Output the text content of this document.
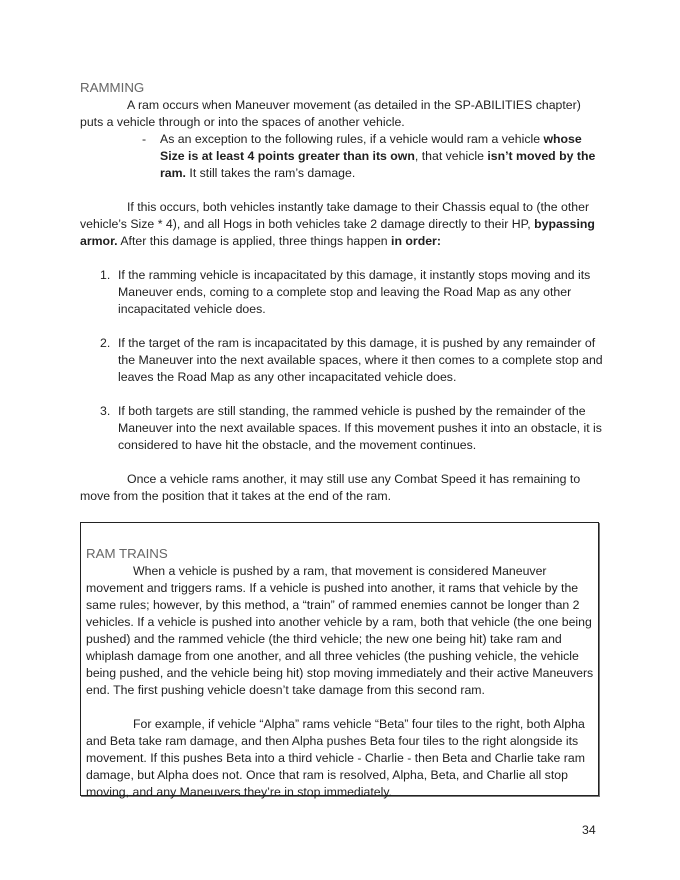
RAMMING

A ram occurs when Maneuver movement (as detailed in the SP-ABILITIES chapter) puts a vehicle through or into the spaces of another vehicle.

- As an exception to the following rules, if a vehicle would ram a vehicle whose Size is at least 4 points greater than its own, that vehicle isn’t moved by the ram. It still takes the ram’s damage.

If this occurs, both vehicles instantly take damage to their Chassis equal to (the other vehicle’s Size * 4), and all Hogs in both vehicles take 2 damage directly to their HP, bypassing armor. After this damage is applied, three things happen in order:

1. If the ramming vehicle is incapacitated by this damage, it instantly stops moving and its Maneuver ends, coming to a complete stop and leaving the Road Map as any other incapacitated vehicle does.
2. If the target of the ram is incapacitated by this damage, it is pushed by any remainder of the Maneuver into the next available spaces, where it then comes to a complete stop and leaves the Road Map as any other incapacitated vehicle does.
3. If both targets are still standing, the rammed vehicle is pushed by the remainder of the Maneuver into the next available spaces. If this movement pushes it into an obstacle, it is considered to have hit the obstacle, and the movement continues.

Once a vehicle rams another, it may still use any Combat Speed it has remaining to move from the position that it takes at the end of the ram.

RAM TRAINS

When a vehicle is pushed by a ram, that movement is considered Maneuver movement and triggers rams. If a vehicle is pushed into another, it rams that vehicle by the same rules; however, by this method, a “train” of rammed enemies cannot be longer than 2 vehicles. If a vehicle is pushed into another vehicle by a ram, both that vehicle (the one being pushed) and the rammed vehicle (the third vehicle; the new one being hit) take ram and whiplash damage from one another, and all three vehicles (the pushing vehicle, the vehicle being pushed, and the vehicle being hit) stop moving immediately and their active Maneuvers end. The first pushing vehicle doesn’t take damage from this second ram.

For example, if vehicle “Alpha” rams vehicle “Beta” four tiles to the right, both Alpha and Beta take ram damage, and then Alpha pushes Beta four tiles to the right alongside its movement. If this pushes Beta into a third vehicle - Charlie - then Beta and Charlie take ram damage, but Alpha does not. Once that ram is resolved, Alpha, Beta, and Charlie all stop moving, and any Maneuvers they’re in stop immediately.

34
